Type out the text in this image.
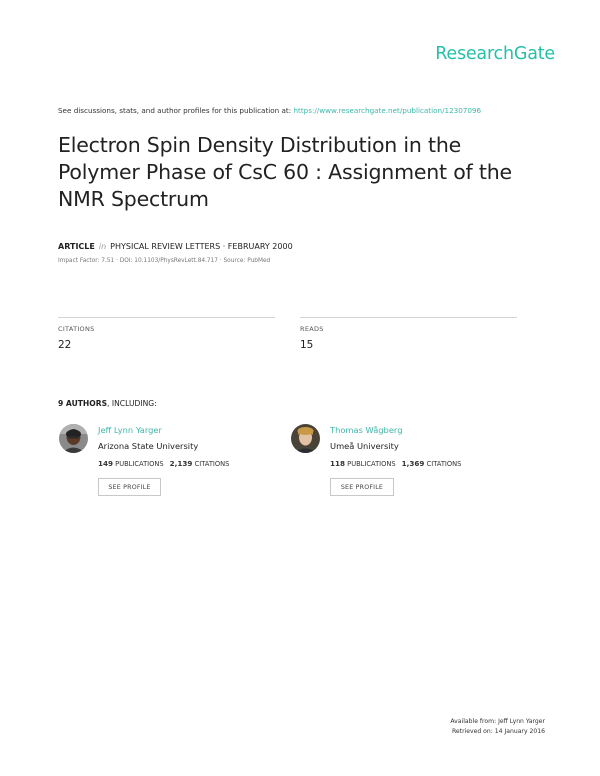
ResearchGate
See discussions, stats, and author profiles for this publication at: https://www.researchgate.net/publication/12307096
Electron Spin Density Distribution in the Polymer Phase of CsC 60 : Assignment of the NMR Spectrum
ARTICLE in PHYSICAL REVIEW LETTERS · FEBRUARY 2000
Impact Factor: 7.51 · DOI: 10.1103/PhysRevLett.84.717 · Source: PubMed
CITATIONS
22
READS
15
9 AUTHORS, INCLUDING:
Jeff Lynn Yarger
Arizona State University
149 PUBLICATIONS 2,139 CITATIONS
SEE PROFILE
Thomas Wågberg
Umeå University
118 PUBLICATIONS 1,369 CITATIONS
SEE PROFILE
Available from: Jeff Lynn Yarger
Retrieved on: 14 January 2016
